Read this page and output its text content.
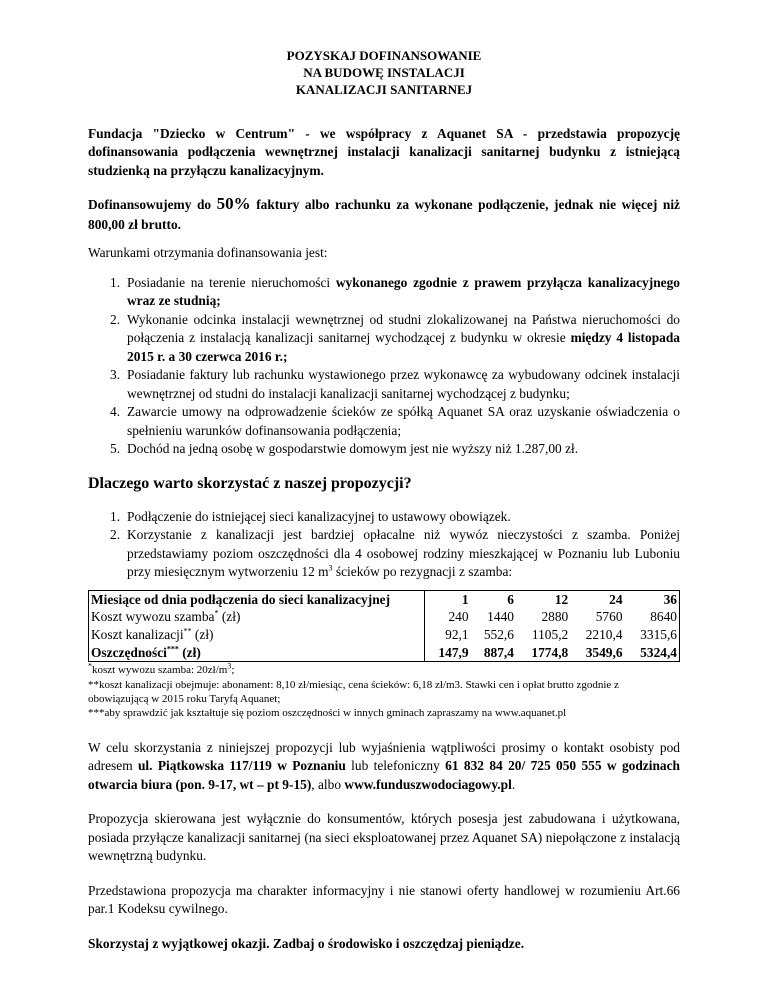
POZYSKAJ DOFINANSOWANIE
NA BUDOWĘ INSTALACJI
KANALIZACJI SANITARNEJ

Fundacja "Dziecko w Centrum" - we współpracy z Aquanet SA - przedstawia propozycję dofinansowania podłączenia wewnętrznej instalacji kanalizacji sanitarnej budynku z istniejącą studzienką na przyłączu kanalizacyjnym.

Dofinansowujemy do 50% faktury albo rachunku za wykonane podłączenie, jednak nie więcej niż 800,00 zł brutto.

Warunkami otrzymania dofinansowania jest:

1. Posiadanie na terenie nieruchomości wykonanego zgodnie z prawem przyłącza kanalizacyjnego wraz ze studnią;
2. Wykonanie odcinka instalacji wewnętrznej od studni zlokalizowanej na Państwa nieruchomości do połączenia z instalacją kanalizacji sanitarnej wychodzącej z budynku w okresie między 4 listopada 2015 r. a 30 czerwca 2016 r.;
3. Posiadanie faktury lub rachunku wystawionego przez wykonawcę za wybudowany odcinek instalacji wewnętrznej od studni do instalacji kanalizacji sanitarnej wychodzącej z budynku;
4. Zawarcie umowy na odprowadzenie ścieków ze spółką Aquanet SA oraz uzyskanie oświadczenia o spełnieniu warunków dofinansowania podłączenia;
5. Dochód na jedną osobę w gospodarstwie domowym jest nie wyższy niż 1.287,00 zł.
Dlaczego warto skorzystać z naszej propozycji?
1. Podłączenie do istniejącej sieci kanalizacyjnej to ustawowy obowiązek.
2. Korzystanie z kanalizacji jest bardziej opłacalne niż wywóz nieczystości z szamba. Poniżej przedstawiamy poziom oszczędności dla 4 osobowej rodziny mieszkającej w Poznaniu lub Luboniu przy miesięcznym wytworzeniu 12 $m^3$ ścieków po rezygnacji z szamba:
Miesiące od dnia podłączenia do sieci kanalizacyjnej	1	6	12	24	36
Koszt wywozu szamba* (zł)	240	1440	2880	5760	8640
Koszt kanalizacji** (zł)	92,1	552,6	1105,2	2210,4	3315,6
Oszczędności*** (zł)	147,9	887,4	1774,8	3549,6	5324,4

*koszt wywozu szamba: $20zł/m^3$;

**koszt kanalizacji obejmuje: abonament: 8,10 zł/miesiąc, cena ścieków: 6,18 zł/m3. Stawki cen i opłat brutto zgodnie z obowiązującą w 2015 roku Taryfą Aquanet;

***aby sprawdzić jak kształtuje się poziom oszczędności w innych gminach zapraszamy na www.aquanet.pl

W celu skorzystania z niniejszej propozycji lub wyjaśnienia wątpliwości prosimy o kontakt osobisty pod adresem ul. Piątkowska 117/119 w Poznaniu lub telefoniczny 61 832 84 20/ 725 050 555 w godzinach otwarcia biura (pon. 9-17, wt – pt 9-15), albo www.funduszwodociagowy.pl.

Propozycja skierowana jest wyłącznie do konsumentów, których posesja jest zabudowana i użytkowana, posiada przyłącze kanalizacji sanitarnej (na sieci eksploatowanej przez Aquanet SA) niepołączone z instalacją wewnętrzną budynku.

Przedstawiona propozycja ma charakter informacyjny i nie stanowi oferty handlowej w rozumieniu Art.66 par.1 Kodeksu cywilnego.

Skorzystaj z wyjątkowej okazji. Zadbaj o środowisko i oszczędzaj pieniądze.
